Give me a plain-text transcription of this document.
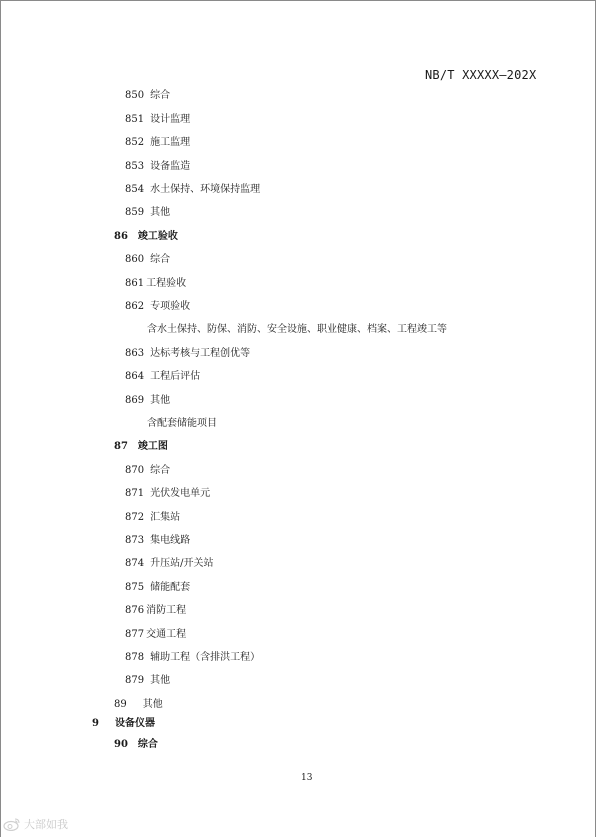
NB/T XXXXX—202X
850 综合
851 设计监理
852 施工监理
853 设备监造
854 水土保持、环境保持监理
859 其他
86 竣工验收
860 综合
861 工程验收
862 专项验收
含水土保持、防保、消防、安全设施、职业健康、档案、工程竣工等
863 达标考核与工程创优等
864 工程后评估
869 其他
含配套储能项目
87 竣工图
870 综合
871 光伏发电单元
872 汇集站
873 集电线路
874 升压站/开关站
875 储能配套
876 消防工程
877 交通工程
878 辅助工程（含排洪工程）
879 其他
89 其他
9 设备仪器
90 综合
13
大部如我
